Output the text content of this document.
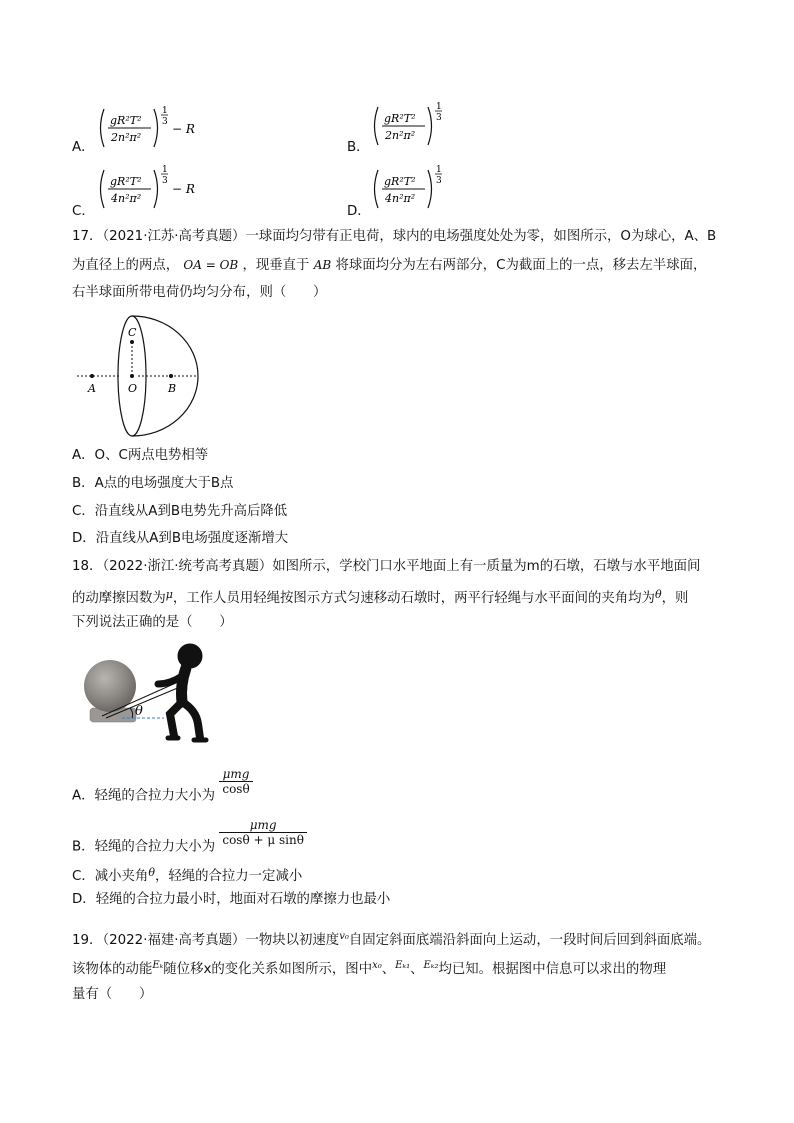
A．
gR²T²
2n²π²
1
3 − R
B．
gR²T²
2n²π²
1
3
C．
gR²T²
4n²π²
1
3
− R
D．
gR²T²
4n²π²
1
3
17．（2021·江苏·高考真题）一球面均匀带有正电荷，球内的电场强度处处为零，如图所示，O为球心，A、B
为直径上的两点， OA = OB ，现垂直于 AB 将球面均分为左右两部分，C为截面上的一点，移去左半球面，
右半球面所带电荷仍均匀分布，则（　　）
C
A	O	B
A．O、C两点电势相等
B．A点的电场强度大于B点
C．沿直线从A到B电势先升高后降低
D．沿直线从A到B电场强度逐渐增大
18．（2022·浙江·统考高考真题）如图所示，学校门口水平地面上有一质量为m的石墩，石墩与水平地面间
的动摩擦因数为$^\mu$，工作人员用轻绳按图示方式匀速移动石墩时，两平行轻绳与水平面间的夹角均为$^\theta$，则
下列说法正确的是（　　）
θ
A．轻绳的合拉力大小为 $\frac{\text{μmg}}{\cos\theta}$
B．轻绳的合拉力大小为 $\frac{\text{μmg}}{\text{cosθ + μ sinθ}}$
C．减小夹角$^\theta$，轻绳的合拉力一定减小
D．轻绳的合拉力最小时，地面对石墩的摩擦力也最小
19．（2022·福建·高考真题）一物块以初速度$^{v_0}$自固定斜面底端沿斜面向上运动，一段时间后回到斜面底端。
该物体的动能$^{E_k}$随位移x的变化关系如图所示，图中$^{x_0}$、$^{E_{k1}}$、$^{E_{k2}}$均已知。根据图中信息可以求出的物理
量有（　　）
